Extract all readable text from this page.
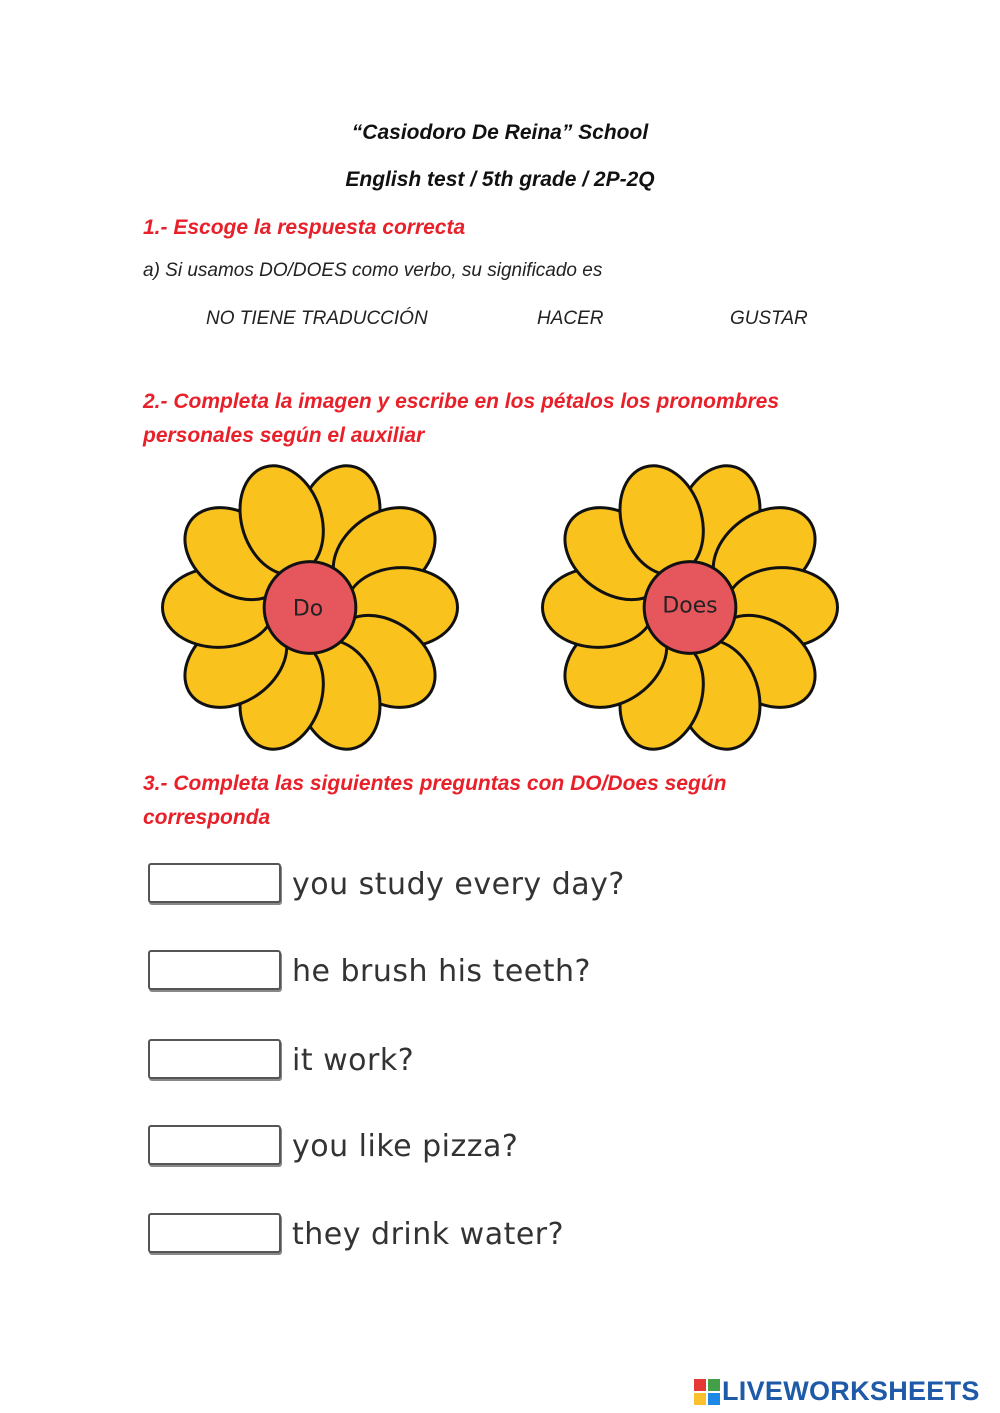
“Casiodoro De Reina” School
English test / 5th grade / 2P-2Q
1.- Escoge la respuesta correcta
a) Si usamos DO/DOES como verbo, su significado es
NO TIENE TRADUCCIÓN	HACER	GUSTAR
2.- Completa la imagen y escribe en los pétalos los pronombres personales según el auxiliar
Do	Does
3.- Completa las siguientes preguntas con DO/Does según corresponda
you study every day?
he brush his teeth?
it work?
you like pizza?
they drink water?
LIVEWORKSHEETS
